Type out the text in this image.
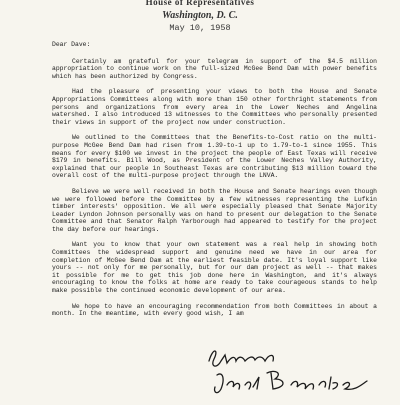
House of Representatives
Washington, D. C.
May 10, 1958

Dear Dave:

Certainly am grateful for your telegram in support of the $4.5 million appropriation to continue work on the full-sized McGee Bend Dam with power benefits which has been authorized by Congress.

Had the pleasure of presenting your views to both the House and Senate Appropriations Committees along with more than 150 other forthright statements from persons and organizations from every area in the Lower Neches and Angelina watershed. I also introduced 13 witnesses to the Committees who personally presented their views in support of the project now under construction.

We outlined to the Committees that the Benefits-to-Cost ratio on the multi-purpose McGee Bend Dam had risen from 1.39-to-1 up to 1.79-to-1 since 1955. This means for every $100 we invest in the project the people of East Texas will receive $179 in benefits. Bill Wood, as President of the Lower Neches Valley Authority, explained that our people in Southeast Texas are contributing $13 million toward the overall cost of the multi-purpose project through the LNVA.

Believe we were well received in both the House and Senate hearings even though we were followed before the Committee by a few witnesses representing the Lufkin timber interests' opposition. We all were especially pleased that Senate Majority Leader Lyndon Johnson personally was on hand to present our delegation to the Senate Committee and that Senator Ralph Yarborough had appeared to testify for the project the day before our hearings.

Want you to know that your own statement was a real help in showing both Committees the widespread support and genuine need we have in our area for completion of McGee Bend Dam at the earliest feasible date. It's loyal support like yours -- not only for me personally, but for our dam project as well -- that makes it possible for me to get this job done here in Washington, and it's always encouraging to know the folks at home are ready to take courageous stands to help make possible the continued economic development of our area.

We hope to have an encouraging recommendation from both Committees in about a month. In the meantime, with every good wish, I am
